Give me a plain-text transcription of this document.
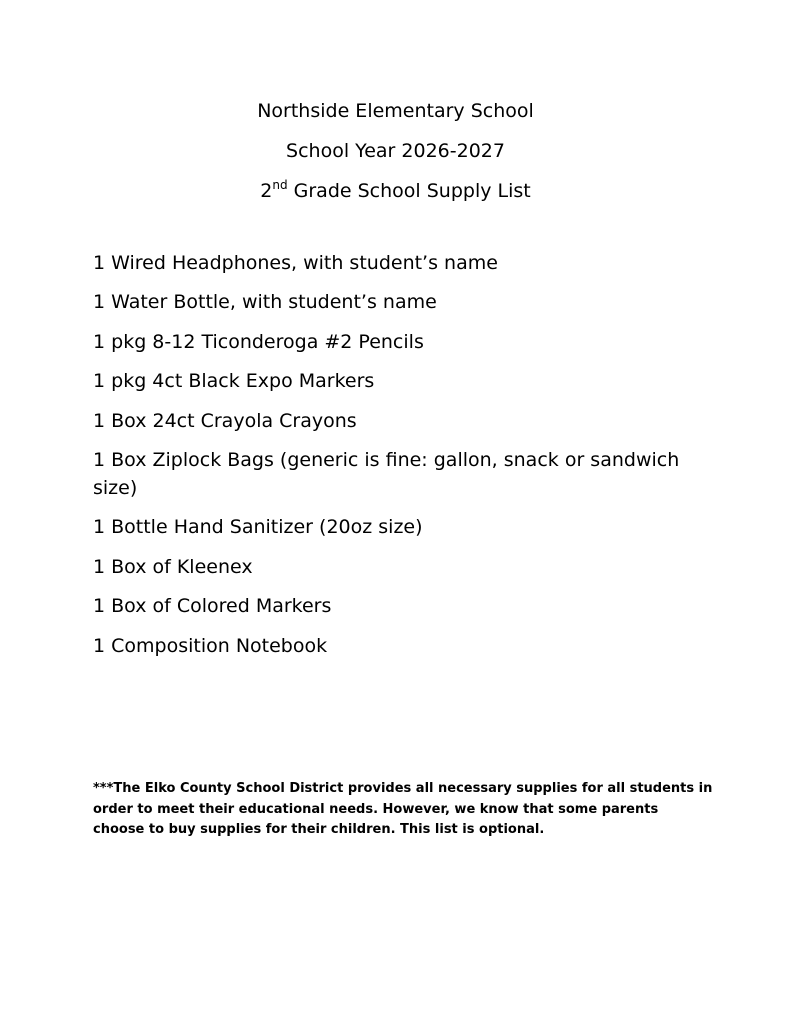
Northside Elementary School
School Year 2026-2027
2nd Grade School Supply List
1 Wired Headphones, with student’s name
1 Water Bottle, with student’s name
1 pkg 8-12 Ticonderoga #2 Pencils
1 pkg 4ct Black Expo Markers
1 Box 24ct Crayola Crayons
1 Box Ziplock Bags (generic is fine: gallon, snack or sandwich size)
1 Bottle Hand Sanitizer (20oz size)
1 Box of Kleenex
1 Box of Colored Markers
1 Composition Notebook

***The Elko County School District provides all necessary supplies for all students in order to meet their educational needs. However, we know that some parents choose to buy supplies for their children. This list is optional.
